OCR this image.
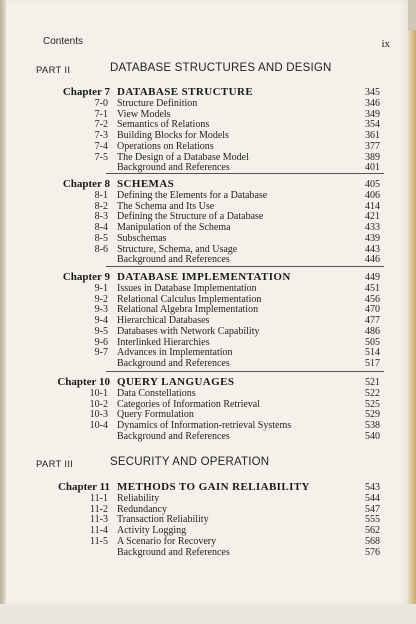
Contents	ix
PART II	DATABASE STRUCTURES AND DESIGN
Chapter 7 DATABASE STRUCTURE	345
7-0 Structure Definition	346
7-1 View Models	349
7-2 Semantics of Relations	354
7-3 Building Blocks for Models	361
7-4 Operations on Relations	377
7-5 The Design of a Database Model	389
Background and References	401
Chapter 8 SCHEMAS	405
8-1 Defining the Elements for a Database	406
8-2 The Schema and Its Use	414
8-3 Defining the Structure of a Database	421
8-4 Manipulation of the Schema	433
8-5 Subschemas	439
8-6 Structure, Schema, and Usage	443
Background and References	446
Chapter 9 DATABASE IMPLEMENTATION	449
9-1 Issues in Database Implementation	451
9-2 Relational Calculus Implementation	456
9-3 Relational Algebra Implementation	470
9-4 Hierarchical Databases	477
9-5 Databases with Network Capability	486
9-6 Interlinked Hierarchies	505
9-7 Advances in Implementation	514
Background and References	517
Chapter 10 QUERY LANGUAGES	521
10-1 Data Constellations	522
10-2 Categories of Information Retrieval	525
10-3 Query Formulation	529
10-4 Dynamics of Information-retrieval Systems	538
Background and References	540
PART III	SECURITY AND OPERATION
Chapter 11 METHODS TO GAIN RELIABILITY	543
11-1 Reliability	544
11-2 Redundancy	547
11-3 Transaction Reliability	555
11-4 Activity Logging	562
11-5 A Scenario for Recovery	568
Background and References	576
